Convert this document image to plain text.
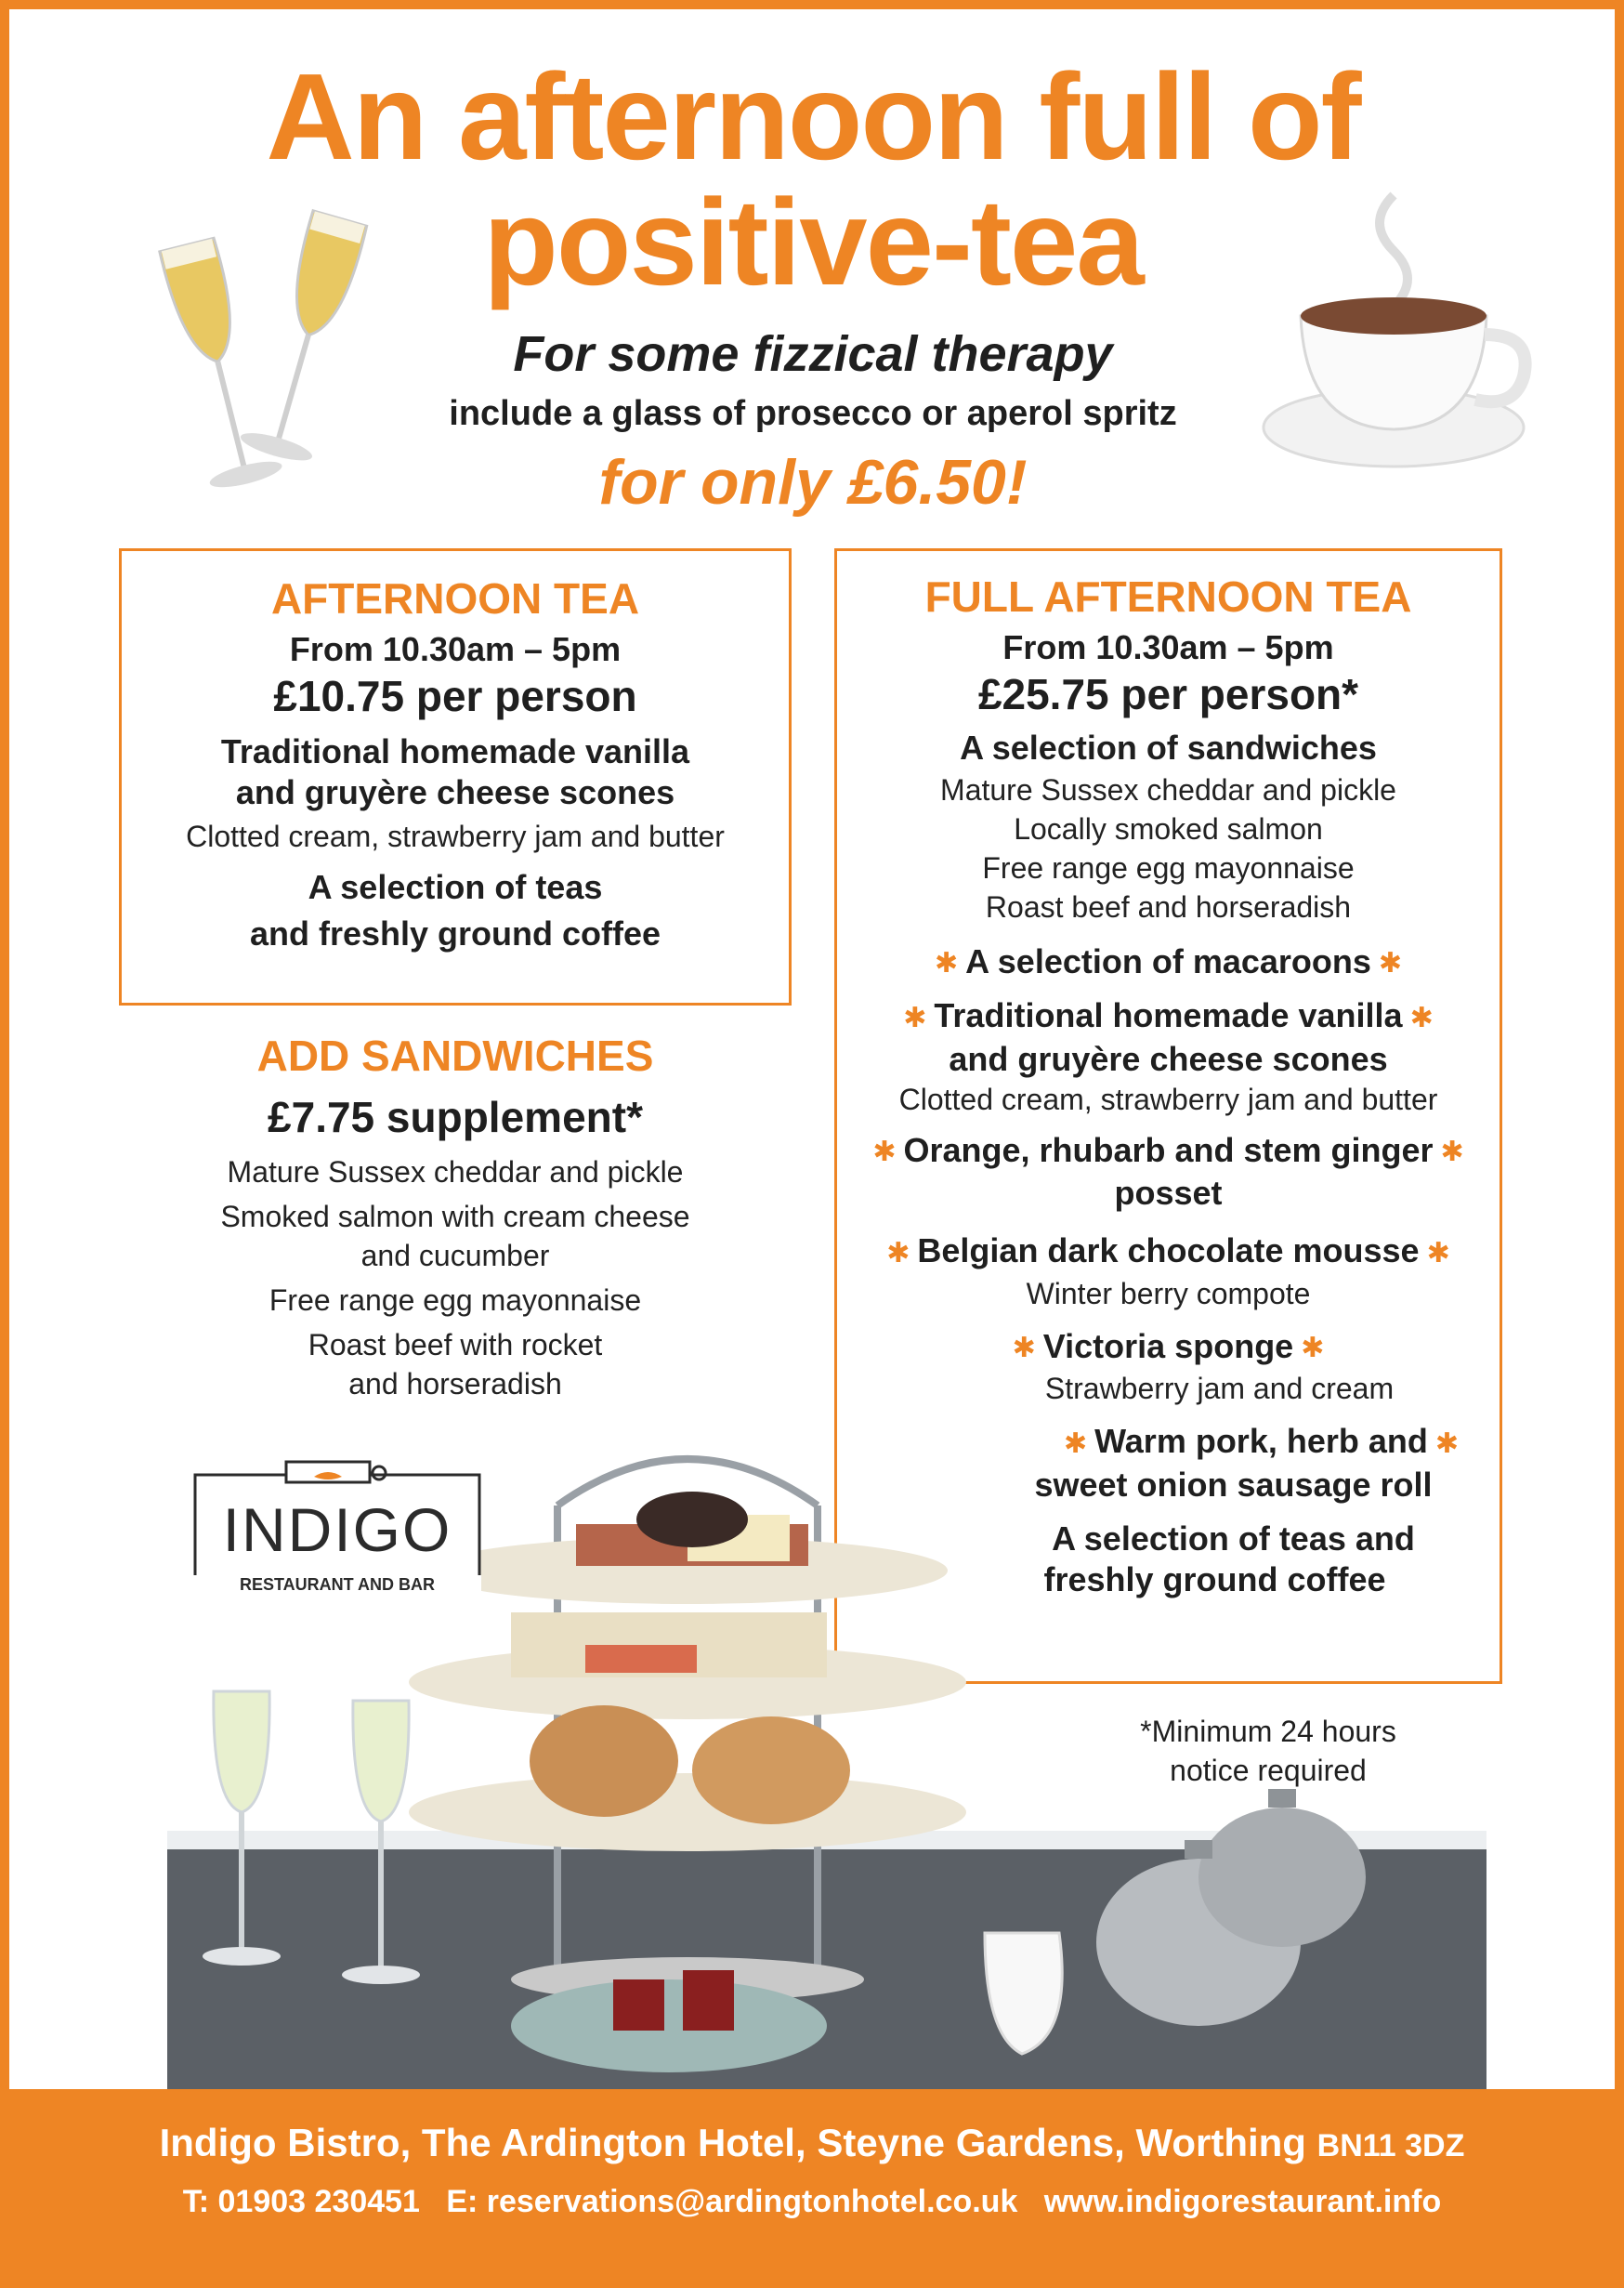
An afternoon full of
positive-tea
For some fizzical therapy
include a glass of prosecco or aperol spritz
for only £6.50!
AFTERNOON TEA
From 10.30am – 5pm
£10.75 per person
Traditional homemade vanilla
and gruyère cheese scones
Clotted cream, strawberry jam and butter
A selection of teas
and freshly ground coffee
ADD SANDWICHES
£7.75 supplement*
Mature Sussex cheddar and pickle
Smoked salmon with cream cheese
and cucumber
Free range egg mayonnaise
Roast beef with rocket
and horseradish
FULL AFTERNOON TEA
From 10.30am – 5pm
£25.75 per person*
A selection of sandwiches
Mature Sussex cheddar and pickle
Locally smoked salmon
Free range egg mayonnaise
Roast beef and horseradish
✱ A selection of macaroons ✱
✱ Traditional homemade vanilla ✱
and gruyère cheese scones
Clotted cream, strawberry jam and butter
✱ Orange, rhubarb and stem ginger ✱
posset
✱ Belgian dark chocolate mousse ✱
Winter berry compote
✱ Victoria sponge ✱
Strawberry jam and cream
✱ Warm pork, herb and ✱
sweet onion sausage roll
A selection of teas and
freshly ground coffee
*Minimum 24 hours
notice required
INDIGO
RESTAURANT AND BAR
Indigo Bistro, The Ardington Hotel, Steyne Gardens, Worthing BN11 3DZ
T: 01903 230451 E: reservations@ardingtonhotel.co.uk www.indigorestaurant.info
